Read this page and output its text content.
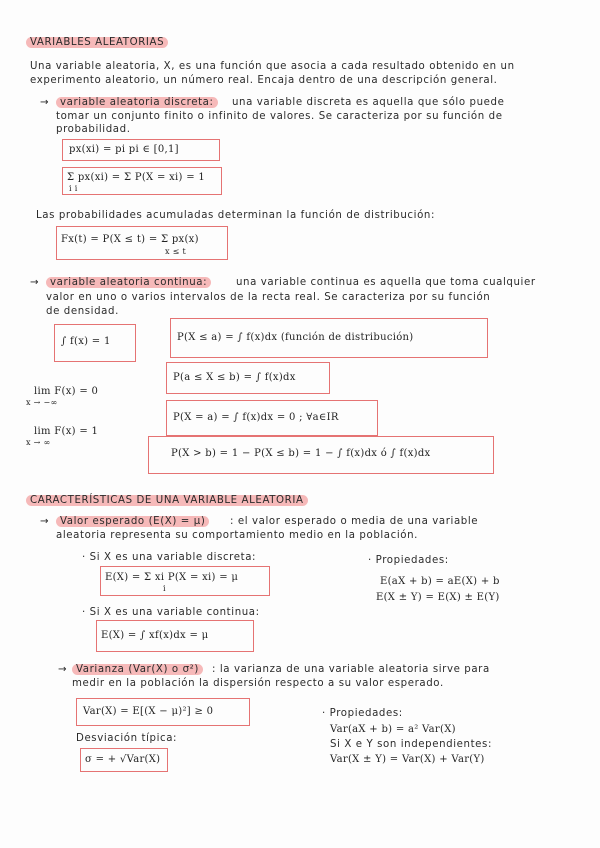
VARIABLES ALEATORIAS
Una variable aleatoria, X, es una función que asocia a cada resultado obtenido en un
experimento aleatorio, un número real. Encaja dentro de una descripción general.
→	variable aleatoria discreta:	una variable discreta es aquella que sólo puede
tomar un conjunto finito o infinito de valores. Se caracteriza por su función de
probabilidad.
px(xi) = pi pi ∈ [0,1]
Σ px(xi) = Σ P(X = xi) = 1
i i
Las probabilidades acumuladas determinan la función de distribución:
Fx(t) = P(X ≤ t) = Σ px(x)
x ≤ t
→	variable aleatoria continua:	una variable continua es aquella que toma cualquier
valor en uno o varios intervalos de la recta real. Se caracteriza por su función
de densidad.
∫ f(x) = 1	P(X ≤ a) = ∫ f(x)dx (función de distribución)
P(a ≤ X ≤ b) = ∫ f(x)dx
P(X = a) = ∫ f(x)dx = 0 ; ∀a∈IR
P(X > b) = 1 − P(X ≤ b) = 1 − ∫ f(x)dx ó ∫ f(x)dx
lim F(x) = 0
x → −∞
lim F(x) = 1
x → ∞
CARACTERÍSTICAS DE UNA VARIABLE ALEATORIA
→	Valor esperado (E(X) = μ)	: el valor esperado o media de una variable
aleatoria representa su comportamiento medio en la población.
· Si X es una variable discreta:
E(X) = Σ xi P(X = xi) = μ
i
· Si X es una variable continua:
E(X) = ∫ xf(x)dx = μ
· Propiedades:
E(aX + b) = aE(X) + b
E(X ± Y) = E(X) ± E(Y)
→ Varianza (Var(X) o σ²)	: la varianza de una variable aleatoria sirve para
medir en la población la dispersión respecto a su valor esperado.
Var(X) = E[(X − μ)²] ≥ 0
Desviación típica:
σ = + √Var(X)
· Propiedades:
Var(aX + b) = a² Var(X)
Si X e Y son independientes:
Var(X ± Y) = Var(X) + Var(Y)
